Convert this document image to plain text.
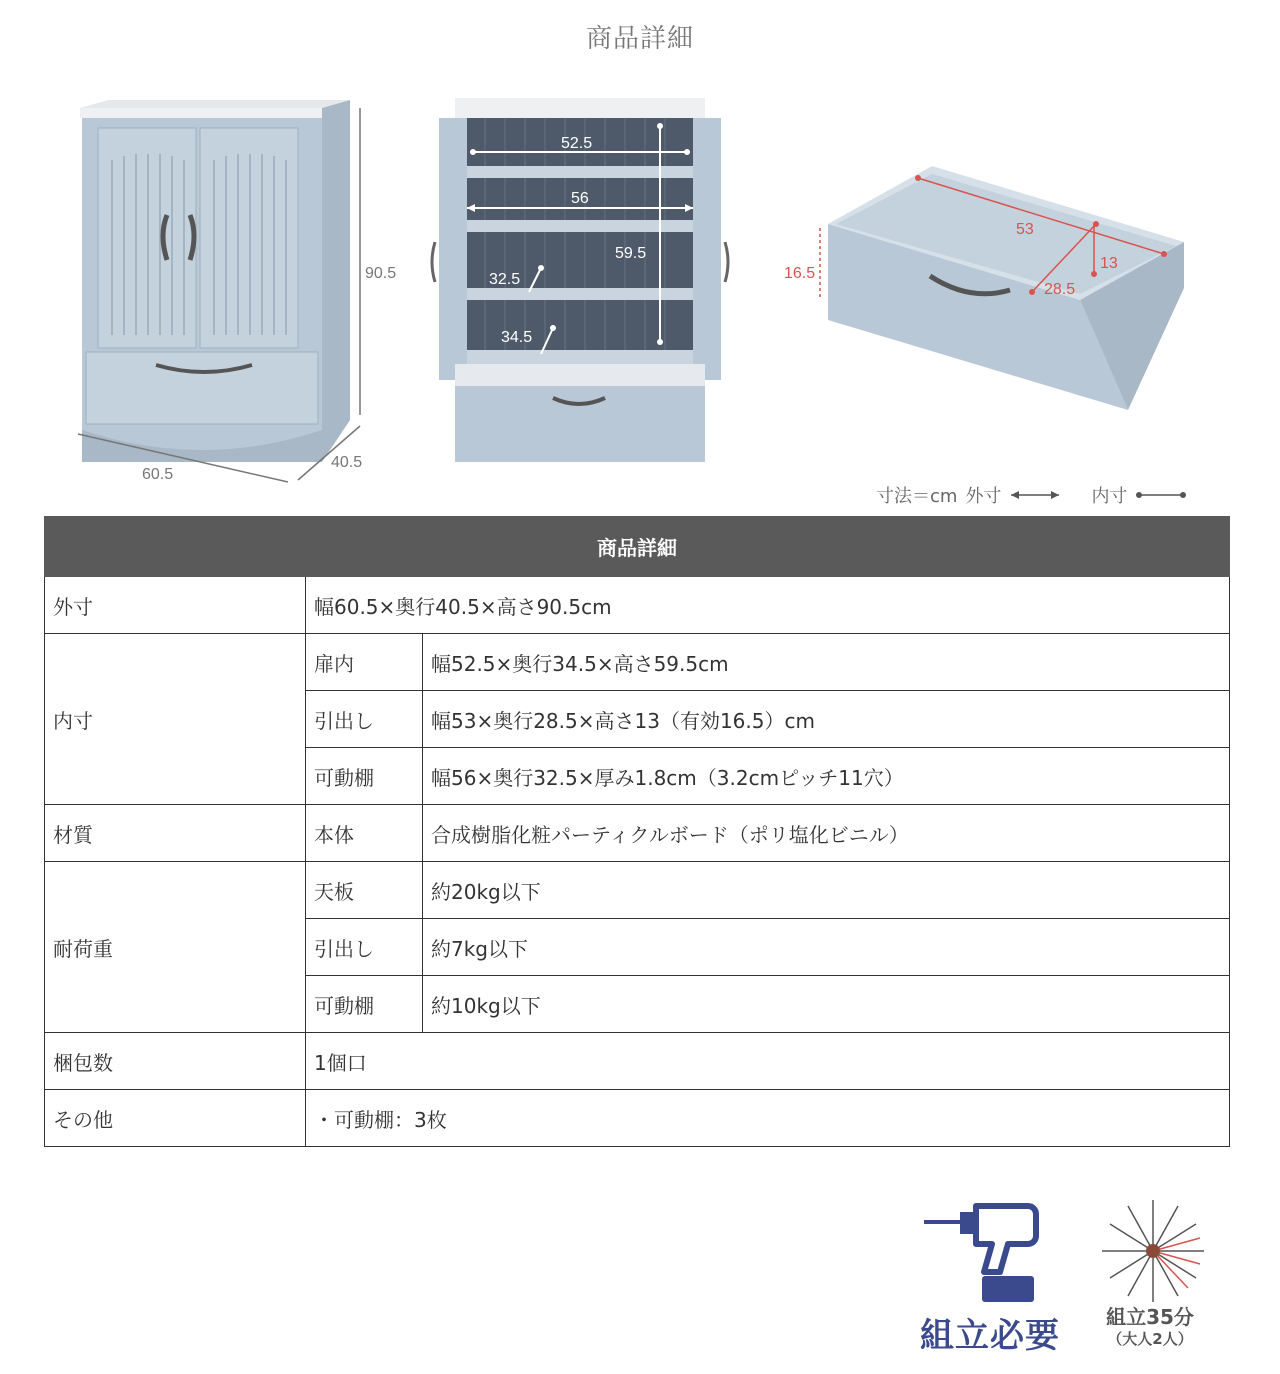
商品詳細
90.5
60.5
40.5
52.5
56
59.5
32.5
34.5
53
28.5
13
16.5
寸法＝cm 外寸	内寸
商品詳細		
外寸	幅60.5×奥行40.5×高さ90.5cm	
内寸	扉内	幅52.5×奥行34.5×高さ59.5cm
	引出し	幅53×奥行28.5×高さ13（有効16.5）cm
	可動棚	幅56×奥行32.5×厚み1.8cm（3.2cmピッチ11穴）
材質	本体	合成樹脂化粧パーティクルボード（ポリ塩化ビニル）
耐荷重	天板	約20kg以下
	引出し	約7kg以下
	可動棚	約10kg以下
梱包数	1個口	
その他	・可動棚：3枚	
組立必要	組立35分
（大人2人）
